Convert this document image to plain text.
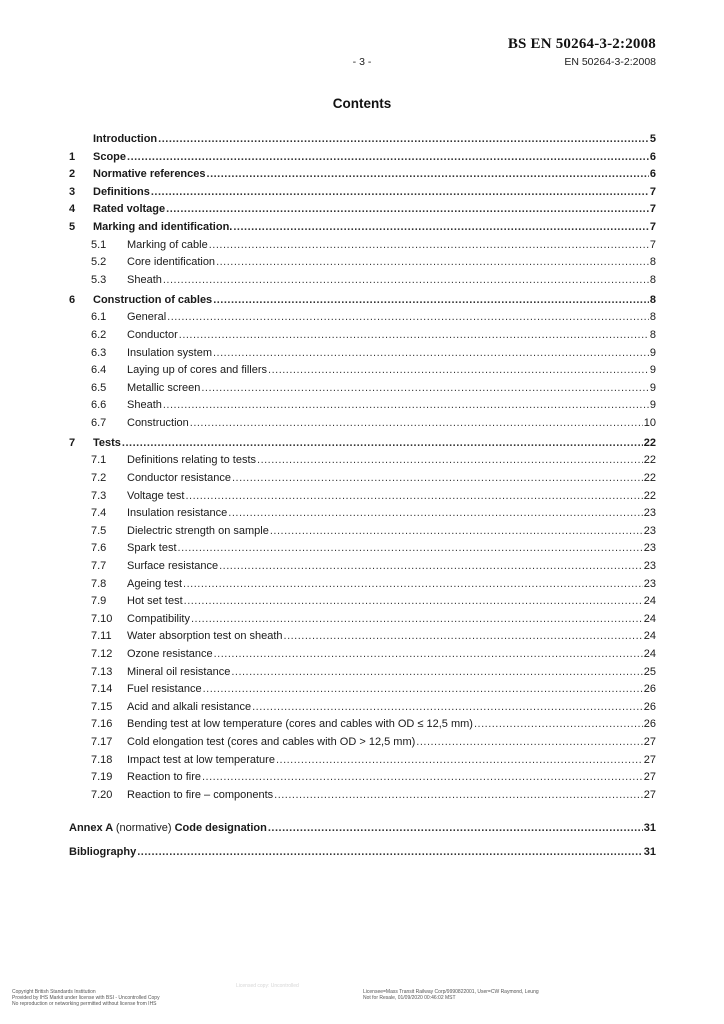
BS EN 50264-3-2:2008
- 3 -	EN 50264-3-2:2008
Contents
Introduction .....	5
1	Scope .....	6
2	Normative references .....	6
3	Definitions .....	7
4	Rated voltage .....	7
5	Marking and identification. .....	7
5.1	Marking of cable .....	7
5.2	Core identification .....	8
5.3	Sheath .....	8
6	Construction of cables .....	8
6.1	General .....	8
6.2	Conductor .....	8
6.3	Insulation system .....	9
6.4	Laying up of cores and fillers .....	9
6.5	Metallic screen .....	9
6.6	Sheath .....	9
6.7	Construction .....	10
7	Tests .....	22
7.1	Definitions relating to tests .....	22
7.2	Conductor resistance .....	22
7.3	Voltage test .....	22
7.4	Insulation resistance .....	23
7.5	Dielectric strength on sample .....	23
7.6	Spark test .....	23
7.7	Surface resistance .....	23
7.8	Ageing test .....	23
7.9	Hot set test .....	24
7.10	Compatibility .....	24
7.11	Water absorption test on sheath .....	24
7.12	Ozone resistance .....	24
7.13	Mineral oil resistance .....	25
7.14	Fuel resistance .....	26
7.15	Acid and alkali resistance .....	26
7.16	Bending test at low temperature (cores and cables with OD ≤ 12,5 mm) .....	26
7.17	Cold elongation test (cores and cables with OD > 12,5 mm) .....	27
7.18	Impact test at low temperature .....	27
7.19	Reaction to fire .....	27
7.20	Reaction to fire – components .....	27
Annex A (normative) Code designation .....	31
Bibliography .....	31
Copyright British Standards Institution
Provided by IHS Markit under license with BSI - Uncontrolled Copy
No reproduction or networking permitted without license from IHS
Licensed copy: Uncontrolled
Licensee=Mass Transit Railway Corp/9990822001, User=CW Raymond, Leung
Not for Resale, 01/09/2020 00:46:02 MST
